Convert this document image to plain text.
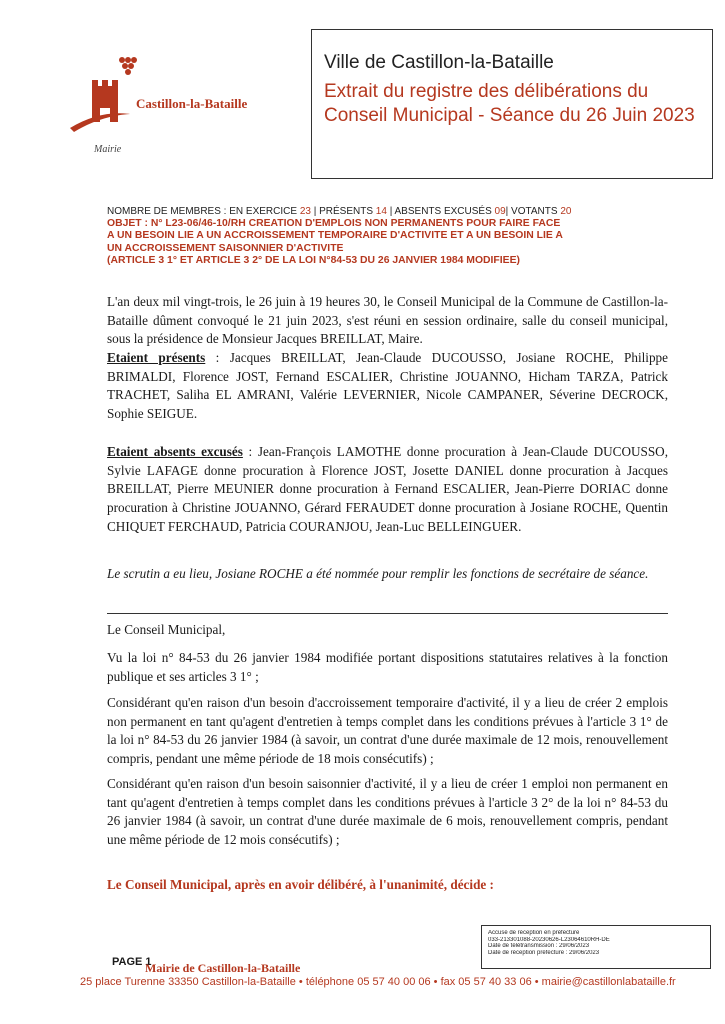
Castillon-la-Bataille
Mairie
Ville de Castillon-la-Bataille
Extrait du registre des délibérations du Conseil Municipal - Séance du 26 Juin 2023
NOMBRE DE MEMBRES : EN EXERCICE 23 | PRÉSENTS 14 | ABSENTS EXCUSÉS 09| VOTANTS 20
OBJET : N° L23-06/46-10/RH CREATION D'EMPLOIS NON PERMANENTS POUR FAIRE FACE
A UN BESOIN LIE A UN ACCROISSEMENT TEMPORAIRE D'ACTIVITE ET A UN BESOIN LIE A
UN ACCROISSEMENT SAISONNIER D'ACTIVITE
(ARTICLE 3 1° ET ARTICLE 3 2° DE LA LOI N°84-53 DU 26 JANVIER 1984 MODIFIEE)
L'an deux mil vingt-trois, le 26 juin à 19 heures 30, le Conseil Municipal de la Commune de Castillon-la-Bataille dûment convoqué le 21 juin 2023, s'est réuni en session ordinaire, salle du conseil municipal, sous la présidence de Monsieur Jacques BREILLAT, Maire.
Etaient présents : Jacques BREILLAT, Jean-Claude DUCOUSSO, Josiane ROCHE, Philippe BRIMALDI, Florence JOST, Fernand ESCALIER, Christine JOUANNO, Hicham TARZA, Patrick TRACHET, Saliha EL AMRANI, Valérie LEVERNIER, Nicole CAMPANER, Séverine DECROCK, Sophie SEIGUE.
Etaient absents excusés : Jean-François LAMOTHE donne procuration à Jean-Claude DUCOUSSO, Sylvie LAFAGE donne procuration à Florence JOST, Josette DANIEL donne procuration à Jacques BREILLAT, Pierre MEUNIER donne procuration à Fernand ESCALIER, Jean-Pierre DORIAC donne procuration à Christine JOUANNO, Gérard FERAUDET donne procuration à Josiane ROCHE, Quentin CHIQUET FERCHAUD, Patricia COURANJOU, Jean-Luc BELLEINGUER.
Le scrutin a eu lieu, Josiane ROCHE a été nommée pour remplir les fonctions de secrétaire de séance.
Le Conseil Municipal,
Vu la loi n° 84-53 du 26 janvier 1984 modifiée portant dispositions statutaires relatives à la fonction publique et ses articles 3 1° ;
Considérant qu'en raison d'un besoin d'accroissement temporaire d'activité, il y a lieu de créer 2 emplois non permanent en tant qu'agent d'entretien à temps complet dans les conditions prévues à l'article 3 1° de la loi n° 84-53 du 26 janvier 1984 (à savoir, un contrat d'une durée maximale de 12 mois, renouvellement compris, pendant une même période de 18 mois consécutifs) ;
Considérant qu'en raison d'un besoin saisonnier d'activité, il y a lieu de créer 1 emploi non permanent en tant qu'agent d'entretien à temps complet dans les conditions prévues à l'article 3 2° de la loi n° 84-53 du 26 janvier 1984 (à savoir, un contrat d'une durée maximale de 6 mois, renouvellement compris, pendant une même période de 12 mois consécutifs) ;
Le Conseil Municipal, après en avoir délibéré, à l'unanimité, décide :
Accusé de réception en préfecture
033-213301088-20230626-L23064610RH-DE
Date de télétransmission : 29/06/2023
Date de réception préfecture : 29/06/2023
PAGE 1
Mairie de Castillon-la-Bataille
25 place Turenne 33350 Castillon-la-Bataille • téléphone 05 57 40 00 06 • fax 05 57 40 33 06 • mairie@castillonlabataille.fr
